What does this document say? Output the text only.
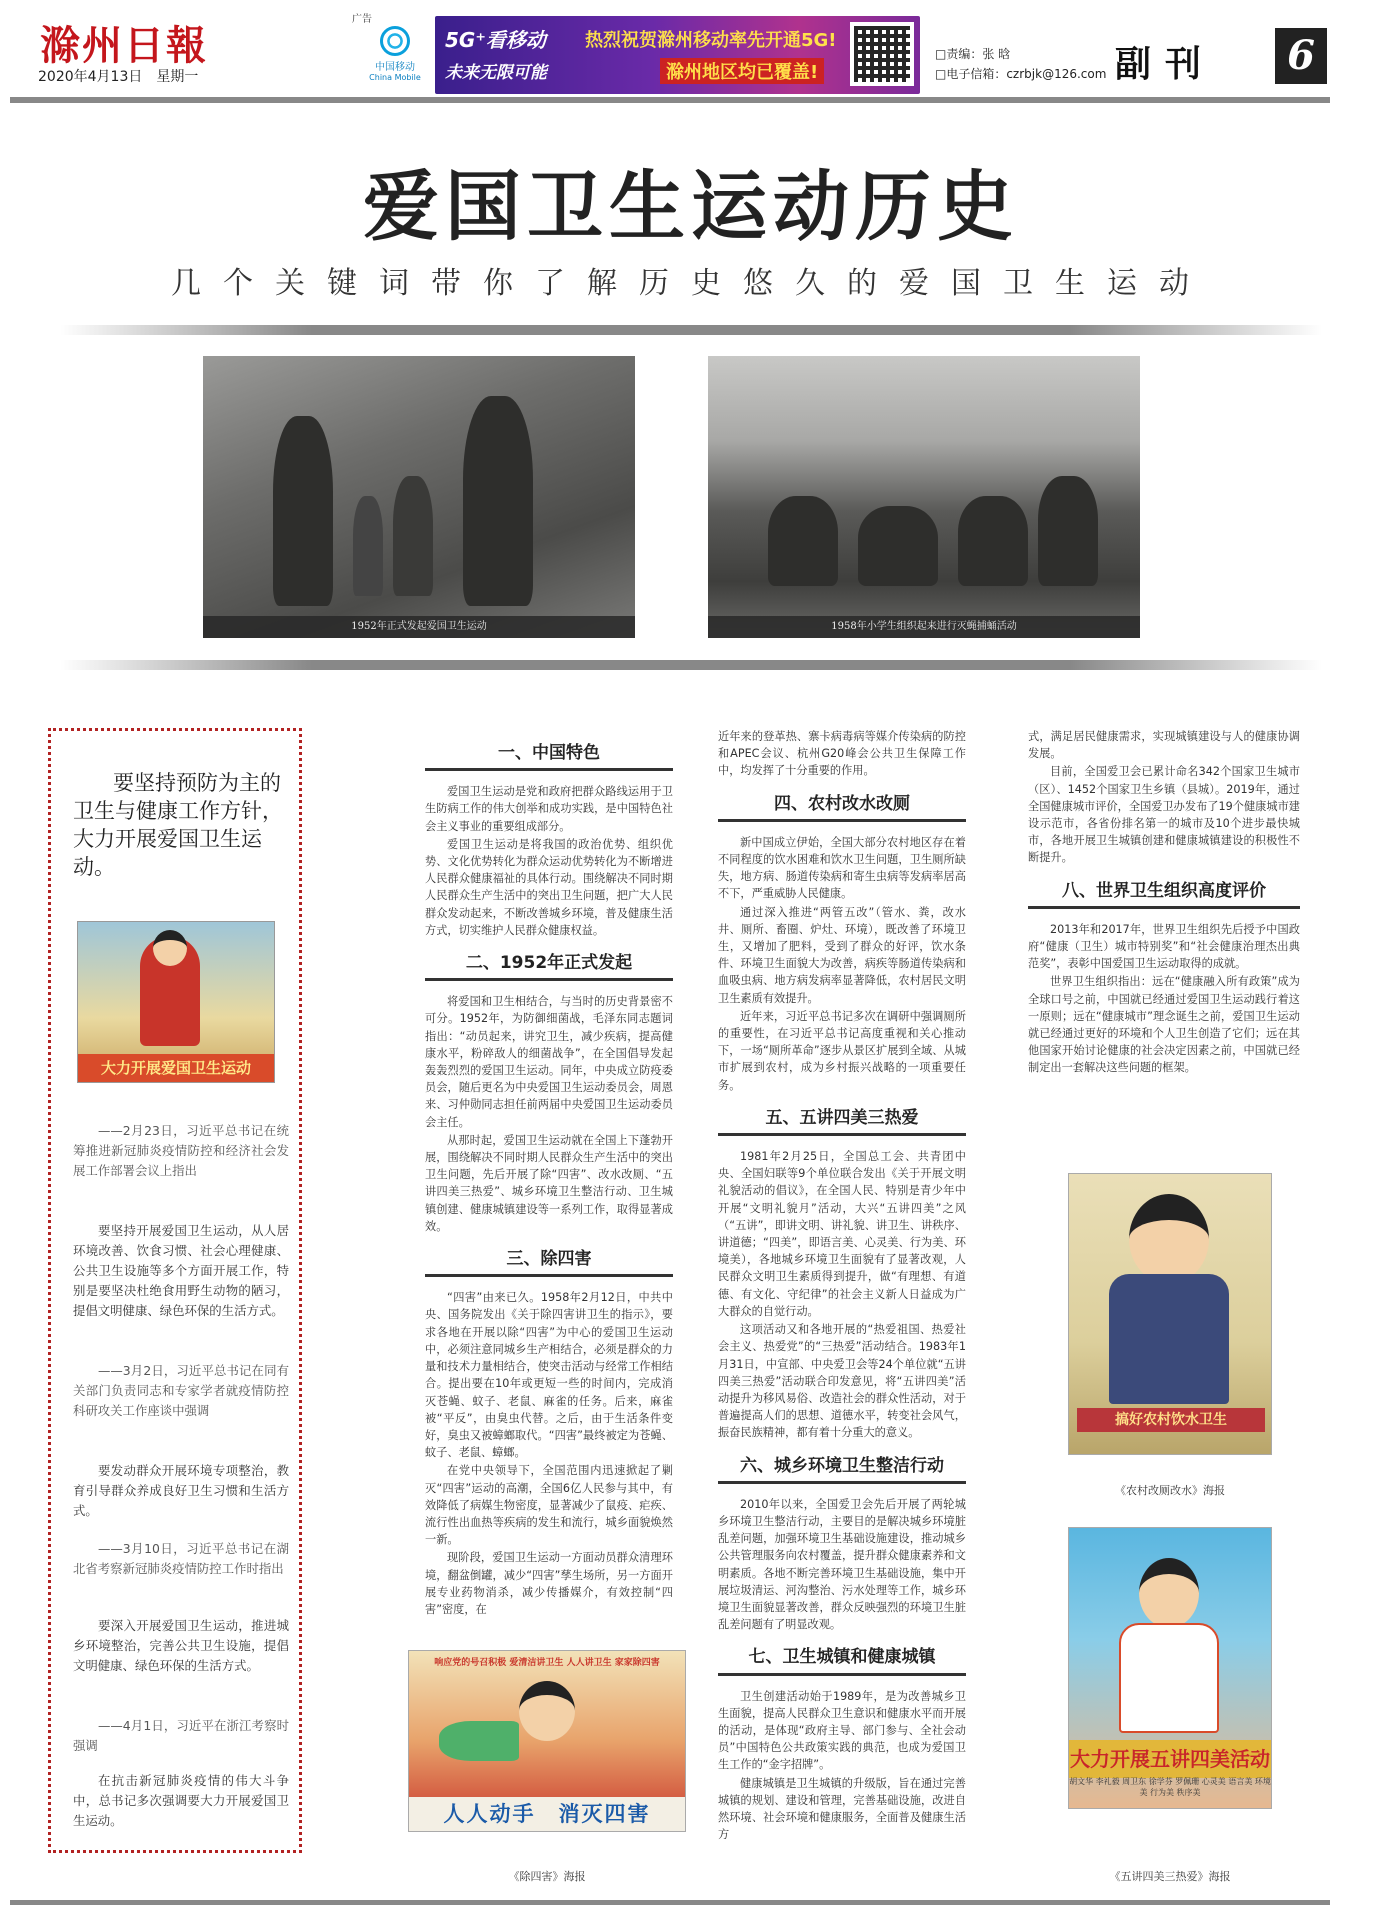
滁州日報
2020年4月13日　星期一
广告
中国移动
China Mobile
5G⁺看移动
未来无限可能
热烈祝贺滁州移动率先开通5G!
滁州地区均已覆盖!
□责编：张 晗
□电子信箱：czrbjk@126.com 副刊	6
爱国卫生运动历史
几个关键词带你了解历史悠久的爱国卫生运动
1952年正式发起爱国卫生运动	1958年小学生组织起来进行灭蝇捕蛹活动
要坚持预防为主的卫生与健康工作方针，大力开展爱国卫生运动。
大力开展爱国卫生运动
——2月23日，习近平总书记在统筹推进新冠肺炎疫情防控和经济社会发展工作部署会议上指出
要坚持开展爱国卫生运动，从人居环境改善、饮食习惯、社会心理健康、公共卫生设施等多个方面开展工作，特别是要坚决杜绝食用野生动物的陋习，提倡文明健康、绿色环保的生活方式。
——3月2日，习近平总书记在同有关部门负责同志和专家学者就疫情防控科研攻关工作座谈中强调
要发动群众开展环境专项整治，教育引导群众养成良好卫生习惯和生活方式。
——3月10日，习近平总书记在湖北省考察新冠肺炎疫情防控工作时指出
要深入开展爱国卫生运动，推进城乡环境整治，完善公共卫生设施，提倡文明健康、绿色环保的生活方式。
——4月1日，习近平在浙江考察时强调
在抗击新冠肺炎疫情的伟大斗争中，总书记多次强调要大力开展爱国卫生运动。
一、中国特色

爱国卫生运动是党和政府把群众路线运用于卫生防病工作的伟大创举和成功实践，是中国特色社会主义事业的重要组成部分。

爱国卫生运动是将我国的政治优势、组织优势、文化优势转化为群众运动优势转化为不断增进人民群众健康福祉的具体行动。围绕解决不同时期人民群众生产生活中的突出卫生问题，把广大人民群众发动起来，不断改善城乡环境，普及健康生活方式，切实维护人民群众健康权益。

二、1952年正式发起

将爱国和卫生相结合，与当时的历史背景密不可分。1952年，为防御细菌战，毛泽东同志题词指出：“动员起来，讲究卫生，减少疾病，提高健康水平，粉碎敌人的细菌战争”，在全国倡导发起轰轰烈烈的爱国卫生运动。同年，中央成立防疫委员会，随后更名为中央爱国卫生运动委员会，周恩来、习仲勋同志担任前两届中央爱国卫生运动委员会主任。

从那时起，爱国卫生运动就在全国上下蓬勃开展，围绕解决不同时期人民群众生产生活中的突出卫生问题，先后开展了除“四害”、改水改厕、“五讲四美三热爱”、城乡环境卫生整洁行动、卫生城镇创建、健康城镇建设等一系列工作，取得显著成效。

三、除四害

“四害”由来已久。1958年2月12日，中共中央、国务院发出《关于除四害讲卫生的指示》，要求各地在开展以除“四害”为中心的爱国卫生运动中，必须注意同城乡生产相结合，必须是群众的力量和技术力量相结合，使突击活动与经常工作相结合。提出要在10年或更短一些的时间内，完成消灭苍蝇、蚊子、老鼠、麻雀的任务。后来，麻雀被“平反”，由臭虫代替。之后，由于生活条件变好，臭虫又被蟑螂取代。“四害”最终被定为苍蝇、蚊子、老鼠、蟑螂。

在党中央领导下，全国范围内迅速掀起了剿灭“四害”运动的高潮，全国6亿人民参与其中，有效降低了病媒生物密度，显著减少了鼠疫、疟疾、流行性出血热等疾病的发生和流行，城乡面貌焕然一新。

现阶段，爱国卫生运动一方面动员群众清理环境，翻盆倒罐，减少“四害”孳生场所，另一方面开展专业药物消杀，减少传播媒介，有效控制“四害”密度，在

响应党的号召积极 爱清洁讲卫生 人人讲卫生 家家除四害
人人动手　消灭四害
《除四害》海报

近年来的登革热、寨卡病毒病等媒介传染病的防控和APEC会议、杭州G20峰会公共卫生保障工作中，均发挥了十分重要的作用。

四、农村改水改厕

新中国成立伊始，全国大部分农村地区存在着不同程度的饮水困难和饮水卫生问题，卫生厕所缺失，地方病、肠道传染病和寄生虫病等发病率居高不下，严重威胁人民健康。

通过深入推进“两管五改”（管水、粪，改水井、厕所、畜圈、炉灶、环境），既改善了环境卫生，又增加了肥料，受到了群众的好评，饮水条件、环境卫生面貌大为改善，病疾等肠道传染病和血吸虫病、地方病发病率显著降低，农村居民文明卫生素质有效提升。

近年来，习近平总书记多次在调研中强调厕所的重要性，在习近平总书记高度重视和关心推动下，一场“厕所革命”逐步从景区扩展到全域、从城市扩展到农村，成为乡村振兴战略的一项重要任务。

五、五讲四美三热爱

1981年2月25日，全国总工会、共青团中央、全国妇联等9个单位联合发出《关于开展文明礼貌活动的倡议》，在全国人民、特别是青少年中开展“文明礼貌月”活动，大兴“五讲四美”之风（“五讲”，即讲文明、讲礼貌、讲卫生、讲秩序、讲道德；“四美”，即语言美、心灵美、行为美、环境美），各地城乡环境卫生面貌有了显著改观，人民群众文明卫生素质得到提升，做“有理想、有道德、有文化、守纪律”的社会主义新人日益成为广大群众的自觉行动。

这项活动又和各地开展的“热爱祖国、热爱社会主义、热爱党”的“三热爱”活动结合。1983年1月31日，中宣部、中央爱卫会等24个单位就“五讲四美三热爱”活动联合印发意见，将“五讲四美”活动提升为移风易俗、改造社会的群众性活动，对于普遍提高人们的思想、道德水平，转变社会风气，振奋民族精神，都有着十分重大的意义。

六、城乡环境卫生整洁行动

2010年以来，全国爱卫会先后开展了两轮城乡环境卫生整洁行动，主要目的是解决城乡环境脏乱差问题，加强环境卫生基础设施建设，推动城乡公共管理服务向农村覆盖，提升群众健康素养和文明素质。各地不断完善环境卫生基础设施，集中开展垃圾清运、河沟整治、污水处理等工作，城乡环境卫生面貌显著改善，群众反映强烈的环境卫生脏乱差问题有了明显改观。

七、卫生城镇和健康城镇

卫生创建活动始于1989年，是为改善城乡卫生面貌，提高人民群众卫生意识和健康水平而开展的活动，是体现“政府主导、部门参与、全社会动员”中国特色公共政策实践的典范，也成为爱国卫生工作的“金字招牌”。

健康城镇是卫生城镇的升级版，旨在通过完善城镇的规划、建设和管理，完善基础设施，改进自然环境、社会环境和健康服务，全面普及健康生活方

式，满足居民健康需求，实现城镇建设与人的健康协调发展。

目前，全国爱卫会已累计命名342个国家卫生城市（区）、1452个国家卫生乡镇（县城）。2019年，通过全国健康城市评价，全国爱卫办发布了19个健康城市建设示范市，各省份排名第一的城市及10个进步最快城市，各地开展卫生城镇创建和健康城镇建设的积极性不断提升。

八、世界卫生组织高度评价

2013年和2017年，世界卫生组织先后授予中国政府“健康（卫生）城市特别奖”和“社会健康治理杰出典范奖”，表彰中国爱国卫生运动取得的成就。

世界卫生组织指出：远在“健康融入所有政策”成为全球口号之前，中国就已经通过爱国卫生运动践行着这一原则；远在“健康城市”理念诞生之前，爱国卫生运动就已经通过更好的环境和个人卫生创造了它们；远在其他国家开始讨论健康的社会决定因素之前，中国就已经制定出一套解决这些问题的框架。

搞好农村饮水卫生
《农村改厕改水》海报
大力开展五讲四美活动
胡文华 李礼毅 周卫东 徐学芬 罗佩珊 心灵美 语言美 环境美 行为美 秩序美
《五讲四美三热爱》海报
